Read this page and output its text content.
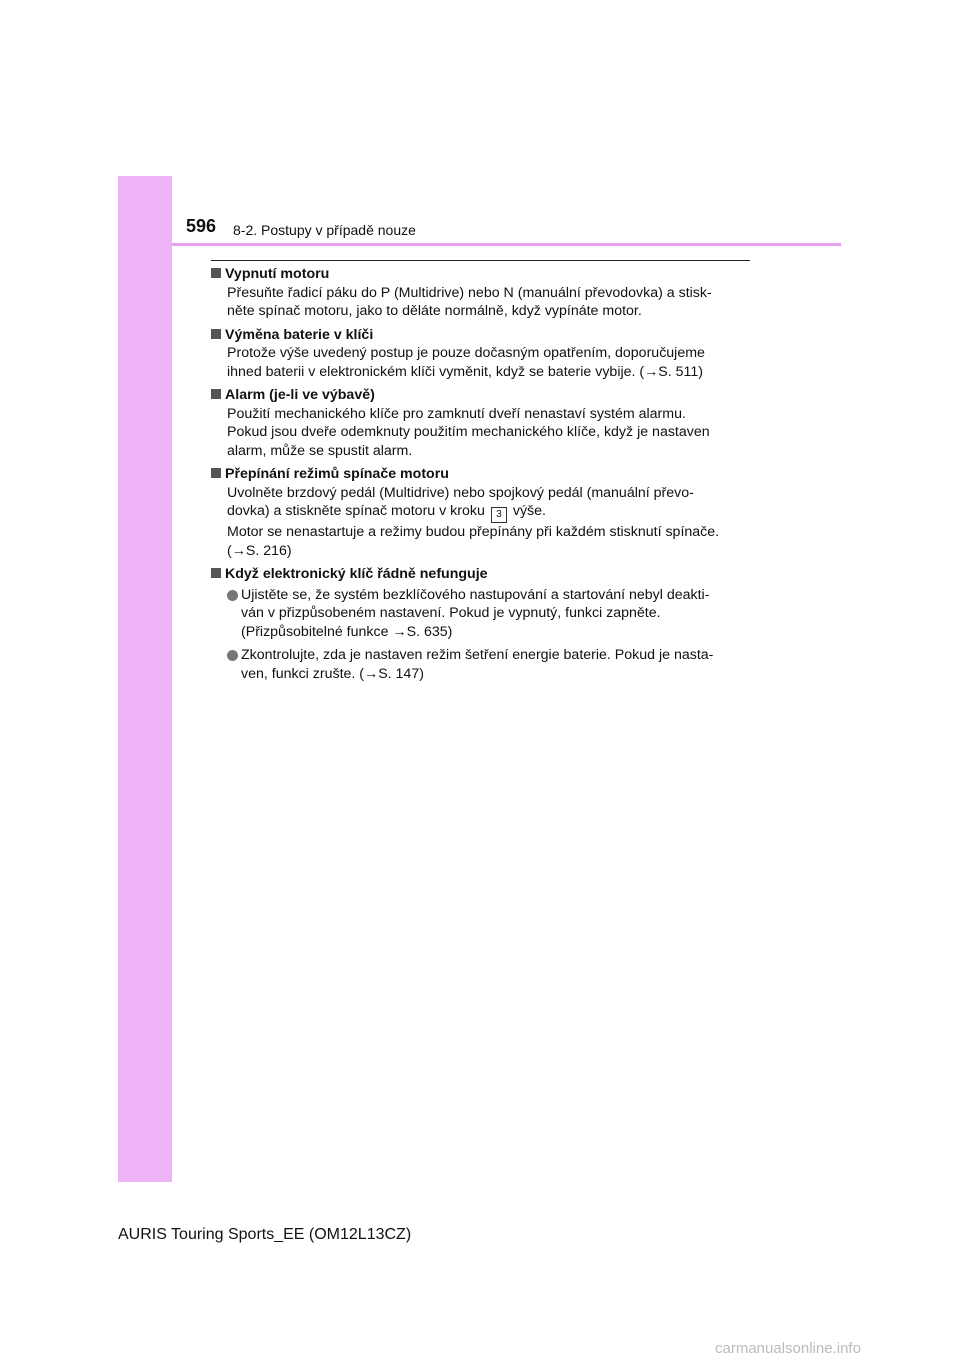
596 8-2. Postupy v případě nouze
Vypnutí motoru
Přesuňte řadicí páku do P (Multidrive) nebo N (manuální převodovka) a stisk-
něte spínač motoru, jako to děláte normálně, když vypínáte motor.
Výměna baterie v klíči
Protože výše uvedený postup je pouze dočasným opatřením, doporučujeme
ihned baterii v elektronickém klíči vyměnit, když se baterie vybije. (→S. 511)
Alarm (je-li ve výbavě)
Použití mechanického klíče pro zamknutí dveří nenastaví systém alarmu.
Pokud jsou dveře odemknuty použitím mechanického klíče, když je nastaven
alarm, může se spustit alarm.
Přepínání režimů spínače motoru
Uvolněte brzdový pedál (Multidrive) nebo spojkový pedál (manuální převo-
dovka) a stiskněte spínač motoru v kroku 3 výše.
Motor se nenastartuje a režimy budou přepínány při každém stisknutí spínače.
(→S. 216)
Když elektronický klíč řádně nefunguje
Ujistěte se, že systém bezklíčového nastupování a startování nebyl deakti-
ván v přizpůsobeném nastavení. Pokud je vypnutý, funkci zapněte.
(Přizpůsobitelné funkce →S. 635)
Zkontrolujte, zda je nastaven režim šetření energie baterie. Pokud je nasta-
ven, funkci zrušte. (→S. 147)
AURIS Touring Sports_EE (OM12L13CZ)
carmanualsonline.info
